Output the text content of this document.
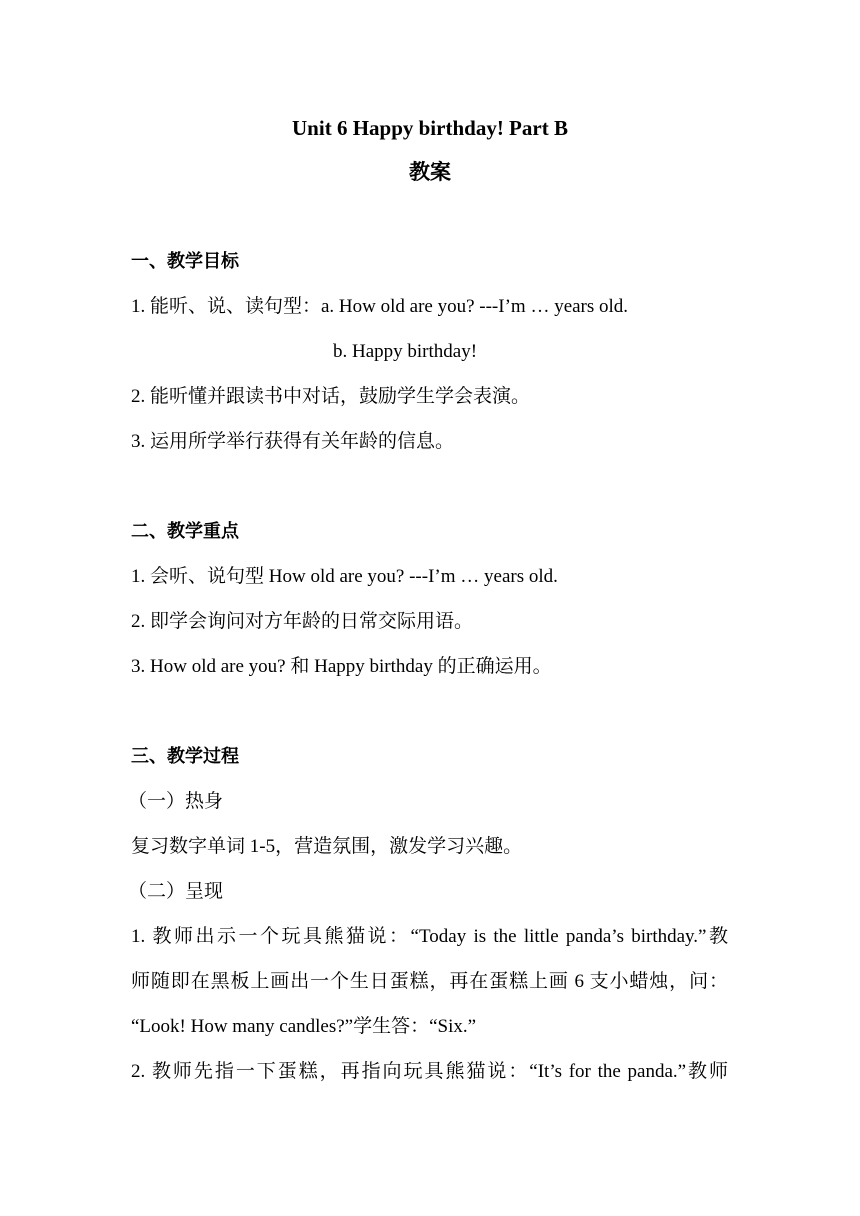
Unit 6 Happy birthday! Part B
教案
一、教学目标
1. 能听、说、读句型：a. How old are you? ---I’m … years old.
b. Happy birthday!
2. 能听懂并跟读书中对话，鼓励学生学会表演。
3. 运用所学举行获得有关年龄的信息。
二、教学重点
1. 会听、说句型 How old are you? ---I’m … years old.
2. 即学会询问对方年龄的日常交际用语。
3. How old are you? 和 Happy birthday 的正确运用。
三、教学过程
（一）热身
复习数字单词 1-5，营造氛围，激发学习兴趣。
（二）呈现
1. 教师出示一个玩具熊猫说：“Today is the little panda’s birthday.”教
师随即在黑板上画出一个生日蛋糕，再在蛋糕上画 6 支小蜡烛，问：
“Look! How many candles?”学生答：“Six.”
2. 教师先指一下蛋糕，再指向玩具熊猫说：“It’s for the panda.”教师
